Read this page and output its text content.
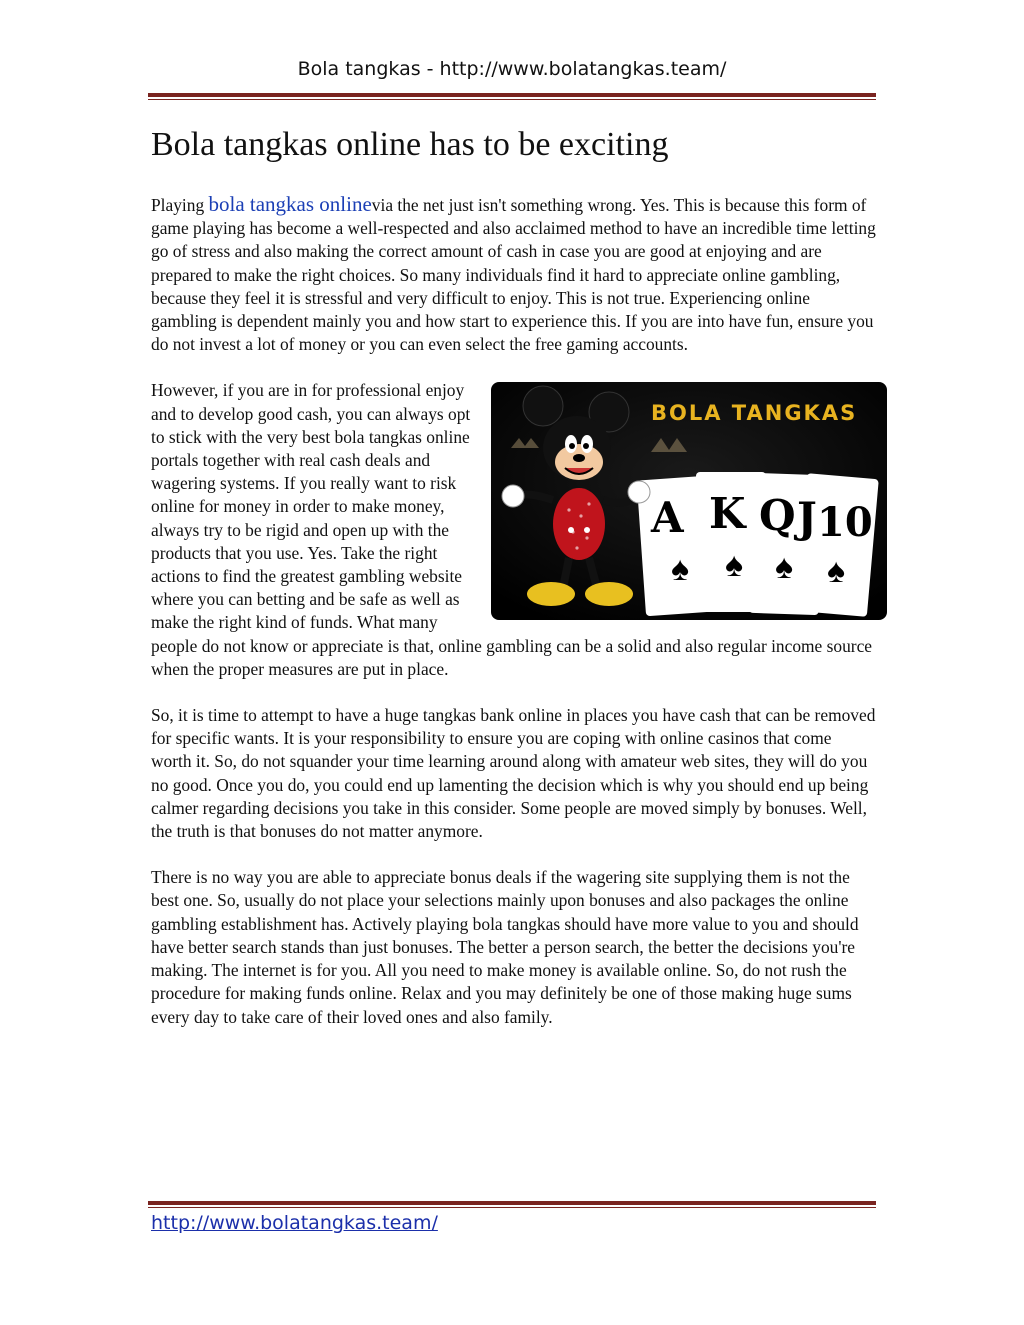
Bola tangkas - http://www.bolatangkas.team/
Bola tangkas online has to be exciting

Playing bola tangkas onlinevia the net just isn't something wrong. Yes. This is because this form of game playing has become a well-respected and also acclaimed method to have an incredible time letting go of stress and also making the correct amount of cash in case you are good at enjoying and are prepared to make the right choices. So many individuals find it hard to appreciate online gambling, because they feel it is stressful and very difficult to enjoy. This is not true. Experiencing online gambling is dependent mainly you and how start to experience this. If you are into have fun, ensure you do not invest a lot of money or you can even select the free gaming accounts.

A K Q J 10
♠ ♠ ♠ ♠
BOLA TANGKAS
However, if you are in for professional enjoy and to develop good cash, you can always opt to stick with the very best bola tangkas online portals together with real cash deals and wagering systems. If you really want to risk online for money in order to make money, always try to be rigid and open up with the products that you use. Yes. Take the right actions to find the greatest gambling website where you can betting and be safe as well as make the right kind of funds. What many people do not know or appreciate is that, online gambling can be a solid and also regular income source when the proper measures are put in place.

So, it is time to attempt to have a huge tangkas bank online in places you have cash that can be removed for specific wants. It is your responsibility to ensure you are coping with online casinos that come worth it. So, do not squander your time learning around along with amateur web sites, they will do you no good. Once you do, you could end up lamenting the decision which is why you should end up being calmer regarding decisions you take in this consider. Some people are moved simply by bonuses. Well, the truth is that bonuses do not matter anymore.

There is no way you are able to appreciate bonus deals if the wagering site supplying them is not the best one. So, usually do not place your selections mainly upon bonuses and also packages the online gambling establishment has. Actively playing bola tangkas should have more value to you and should have better search stands than just bonuses. The better a person search, the better the decisions you're making. The internet is for you. All you need to make money is available online. So, do not rush the procedure for making funds online. Relax and you may definitely be one of those making huge sums every day to take care of their loved ones and also family.

http://www.bolatangkas.team/
